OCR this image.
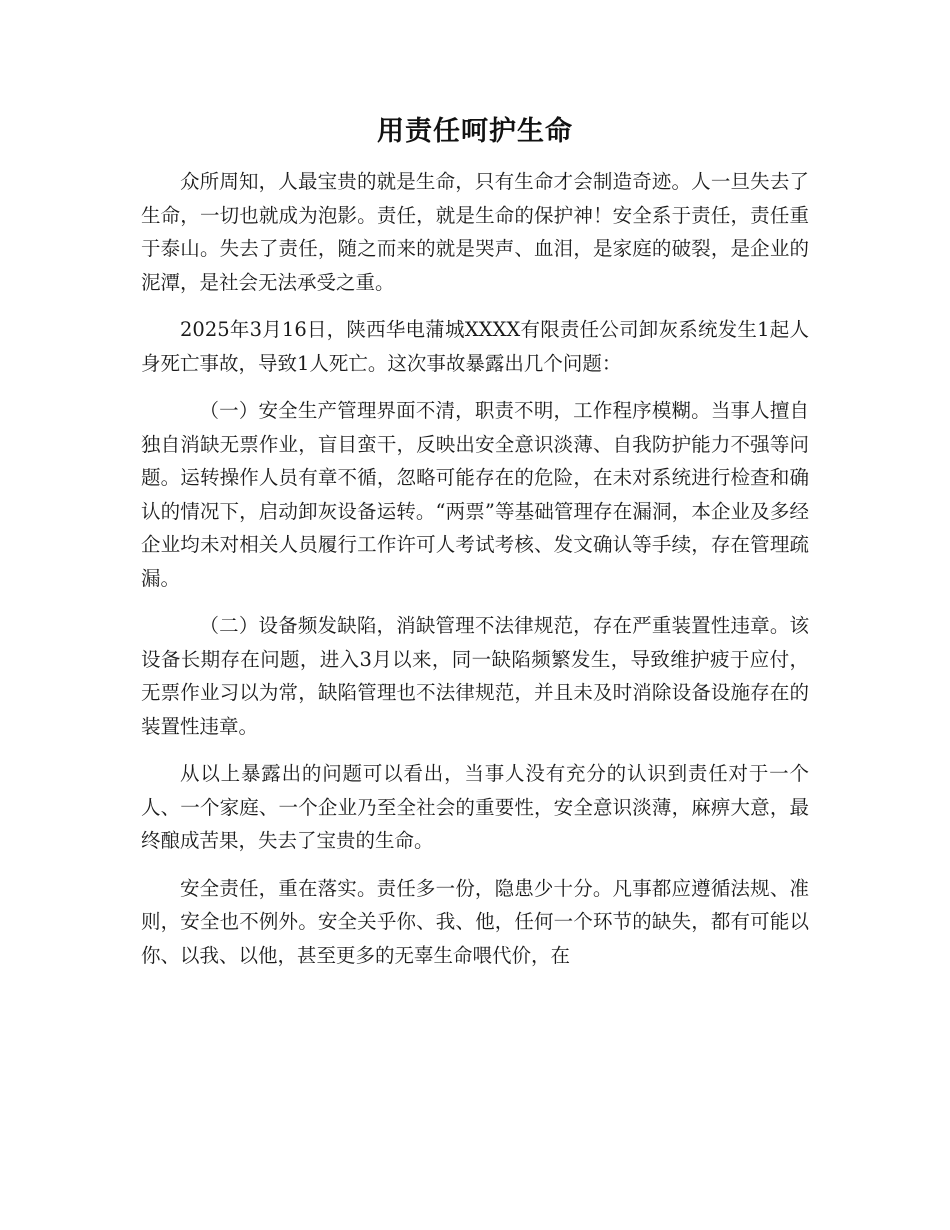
用责任呵护生命

众所周知，人最宝贵的就是生命，只有生命才会制造奇迹。人一旦失去了生命，一切也就成为泡影。责任，就是生命的保护神！安全系于责任，责任重于泰山。失去了责任，随之而来的就是哭声、血泪，是家庭的破裂，是企业的泥潭，是社会无法承受之重。

2025年3月16日，陕西华电蒲城XXXX有限责任公司卸灰系统发生1起人身死亡事故，导致1人死亡。这次事故暴露出几个问题：

（一）安全生产管理界面不清，职责不明，工作程序模糊。当事人擅自独自消缺无票作业，盲目蛮干，反映出安全意识淡薄、自我防护能力不强等问题。运转操作人员有章不循，忽略可能存在的危险，在未对系统进行检查和确认的情况下，启动卸灰设备运转。“两票”等基础管理存在漏洞，本企业及多经企业均未对相关人员履行工作许可人考试考核、发文确认等手续，存在管理疏漏。

（二）设备频发缺陷，消缺管理不法律规范，存在严重装置性违章。该设备长期存在问题，进入3月以来，同一缺陷频繁发生，导致维护疲于应付，无票作业习以为常，缺陷管理也不法律规范，并且未及时消除设备设施存在的装置性违章。

从以上暴露出的问题可以看出，当事人没有充分的认识到责任对于一个人、一个家庭、一个企业乃至全社会的重要性，安全意识淡薄，麻痹大意，最终酿成苦果，失去了宝贵的生命。

安全责任，重在落实。责任多一份，隐患少十分。凡事都应遵循法规、准则，安全也不例外。安全关乎你、我、他，任何一个环节的缺失，都有可能以你、以我、以他，甚至更多的无辜生命喂代价，在
